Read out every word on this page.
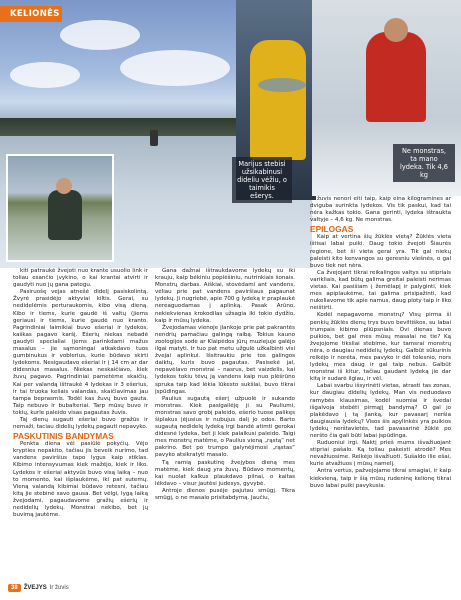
KELIONĖS
Marijus stebisi užsikabinusi dideliu vėžiu, o taimikis ešerys.
Ne monstras, ta mano lydeka. Tik 4,6 kg

kiti patraukė žvejoti nuo krante usuolio link ir toliau esančio įvykino, o kai krantai atvirti ir gaudyti nuo jų gana patogu.

Pasiruošę vejas atnešė didelį pasiskolintą. Žvyrė prasidėjo aktyviai kiltis. Gerai, su nedidelėmis perturaukomis, kibo visą dieną. Kibo ir tiems, kurie gaudė iš valtų (jiems geriausi ir tiems, kurie gaudė nuo kranto. Pagrindiniai laimikiai buvo ešeriai ir lydekos, kaškas pagavo karšį. Ešerių niekas nebadė gaudyti specialiai (jems parinkdami mažus masalus – jie sąmoningai atkakdavo tuos gumbinukus ir voblerius, kurie būdavo skirti lydekoms. Nesigaudavo ešeriai ir į 14 cm ar dar didesnius masalus. Niekas neskaičiavo, kiek žuvų pagavo. Pagrindiniai pametėme skaičių. Kai per valandą ištraukė 4 lydekas ir 3 ešerius, ir tai truoka keliais valandas, skaičiavimas jau tampa beprasmis. Todėl kas žuvų buvo gauta. Taip nebuvo ir bubalteriai. Tarp mūsų buvo ir tokių, kurie paleido visas pagautas žuvis.

Taj dienų sugauti ešeriai buvo gražūs ir nemaži, taciau didelių lydekų pagauti nepavyko.

PASKUTINIS BANDYMAS

Penkta diena vėl pasiūlė pokyčių. Vėjo krypties nepakito, tačiau jis beveik nurimo, tad vandens paviršius tapo lygus kaip stiklas. Kibimo intensyvumas kiek mažėjo, kiek ir liko. Lydekos ir ešeriai aktyvūs buvo visą laiką – nuo to momento, kai išplaukėme, iki pat sutemų. Vieną valandą kibimai būdavo retesni, tačiau kitą jie stebinė savo gausa. Bet vėlgi, lygą laiką žvejodami, pagaudavome gražių ešerių ir nedidelių lydekų. Monstrai nekibo, bet jų buvimą jautėme.

Gana dažnai ištraukdavome lydekų su iki krauju, kaip bėkiniu poplėšiniu, nutrinkiais šonais. Monstrų darbas. Aiškiai, stovėdami ant vandens, vėliau prie pat vandens paviršiaus pagaunat lydekų. Ji nugriebė, apie 700 g lydeką ir praplaukė nereaguodamas į aplinką. Pasak Arūno, nekiekvienas krokodilas užsagia iki tokio dydžio, kaip ir mūsų lydeka.

Žvejodamas vienoje įlankoje prie pat pakrantės nendrių pamačiau galingą raibą. Tokius kauno zoologijos sode ar Klaipėdos jūrų muziejuje galėjo ilgai matyti. Ir tuo pat metu užgulė užkalbinti visi žvejai aplinkui. Išsitraukiu prie tos galingos daiktų, kuris buvo pagautas. Pasisekė jai, nepavėlavo monstrai – nasrus, bet vaizdelis, kai lydekos tokiu tėvų ją vandens kaip nuo plėšrūno spruka taip kad lėkia lūkesto sukšiai, buvo tikrai įspūdingas.

Paulius sugautą ešerį užpuolė ir sukando monstras. Kiek pasigailėję ji su Pauliumi, monstras savo grobį paleido, ešerio tuose palikęs šiplakus įėjusius ir nubujus dalį jo odos. Barto sugautą nedidelę lydeką irgi bandė atimti gerokai didesnė lydeka, bet ji kiek palaikusi paleido. Taigi mes monstrų matėme, o Paulius vieną „rąstą“ net pakrino. Bet po trumpo galynėjimosi „rąstas“ pavyko atsikratyti masalo.

Tą ramią paskutinę žvejybos dieną mes matėme, kiek daug yra žuvų. Būdavo momentų, kai nuolat kalkus plaukdavo pilnai, o kaitas lėkdavo – visur jautėsi judesys, gyvybė.

Antroje dienos pusėje pajutau smūgį. Tikra smūgį, o ne masalo prisitabdymą. Jaučiu,

žuvis nenori eiti taip, kaip eina kilogramines ar dviguba surinkta lydekos. Vis tik paskui, kad tai nėra kažkas tokio. Gana gerinti, lydeka ištraukta valtyje – 4,6 kg. Ne monstras.

EPILOGAS

Kaip at vertina šių žūklės vietą? Žūklės vieta ištisai labai puiki. Daug tokio žvejoti Šiaurės regione, bet ši vieta gerai yra. Tik gal niekų paleisti kito kenvangos su geresniu viešnės, o gal buvo tiek net nėra.

Ca žvejojant tikrai reikalingos valtys su stipriais varikliais, kad būtų galima greitai paleisti nerimas vietas. Kai pasišiam į žemėlapį ir palyginti, kiek mes apiplaukėme, tai galima prisipažinti, kad nukeliavome tik apie namus, daug ploty taip ir liko neištirti.

Kodėl nepagavome monstrų? Visų pirma ši penkių žūklės dienų trys buvo beviltiškos, su labai trumpais kibimo pliūpsniais. Ovi dienas buvo puikios, bet gal mes mūsų masalai ne tie? Ką žvejojome tiksliai stebime, kur tamsrai monstrų nėra, o daugiau nedidelių lydekų. Galbūt sūkurinis reikėjo ir norėta, mes pavyko ir dėl tolesnio, nors lydekų mes daug ir gal taip nebus. Galbūt monstrai iš kitur, tačiau gaudant lydeką jie dar kitą ir sudarė ilgiau, ir vėl.

Labai svarbu išsyrinėti vietas, atrasti tas zonas, kur daugiau didelių lydekų. Man vis neduodavo ramybės klausimas, kodėl suomiai ir švedai išgalvoja stebėti pirmąjį bandymą? O gal jo plakėdavo į tą įlanką, kur pavasarį neršia daugiausia lydekų? Visos šis apylinkės yra puikios lydekų nerštavietės, tad pavasarinė žūklė po neršto čia gali būti labai įspūdinga.

Ruduoniui irgi. Naktį prieš mums išvažiuojant stipriai pašalo. Ką toliau pakeisti atrodė? Mes nevažiuosime. Reikėjo išvažiuoti. Sušaldo ilie ešai, kurie atvažiuos į mūsų namelį.

Antra vertus, pažvejojame tikrai smagiai, ir kaip kiekvieną, taip ir šią mūsų rudeninę kelionę tikrai buvo labai puiki pavykusia.

38	ŽVEJYS Ir žuvis
